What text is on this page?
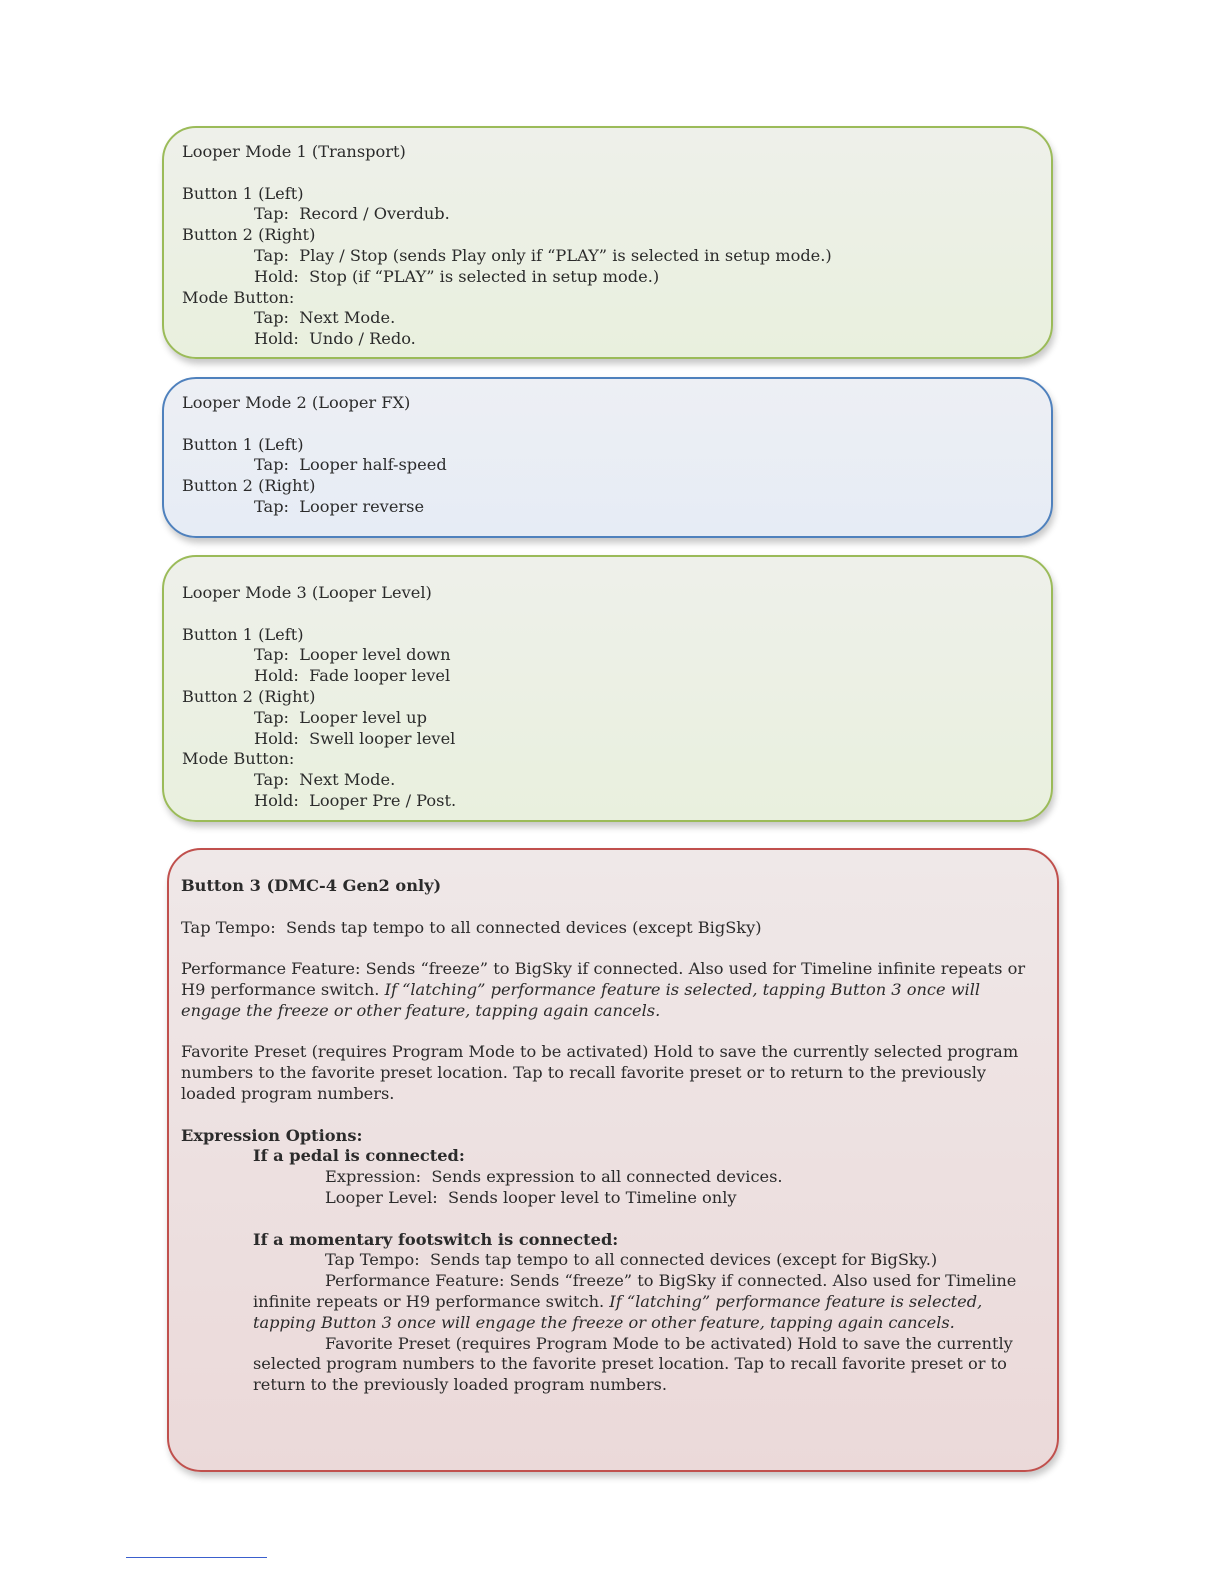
Looper Mode 1 (Transport)
Button 1 (Left)
Tap:  Record / Overdub.
Button 2 (Right)
Tap:  Play / Stop (sends Play only if “PLAY” is selected in setup mode.)
Hold:  Stop (if “PLAY” is selected in setup mode.)
Mode Button:
Tap:  Next Mode.
Hold:  Undo / Redo.
Looper Mode 2 (Looper FX)
Button 1 (Left)
Tap:  Looper half-speed
Button 2 (Right)
Tap:  Looper reverse
Looper Mode 3 (Looper Level)
Button 1 (Left)
Tap:  Looper level down
Hold:  Fade looper level
Button 2 (Right)
Tap:  Looper level up
Hold:  Swell looper level
Mode Button:
Tap:  Next Mode.
Hold:  Looper Pre / Post.
Button 3 (DMC-4 Gen2 only)
Tap Tempo:  Sends tap tempo to all connected devices (except BigSky)
Performance Feature: Sends “freeze” to BigSky if connected. Also used for Timeline infinite repeats or H9 performance switch. If “latching” performance feature is selected, tapping Button 3 once will engage the freeze or other feature, tapping again cancels.
Favorite Preset (requires Program Mode to be activated) Hold to save the currently selected program numbers to the favorite preset location. Tap to recall favorite preset or to return to the previously loaded program numbers.
Expression Options:
If a pedal is connected:
Expression:  Sends expression to all connected devices.
Looper Level:  Sends looper level to Timeline only
If a momentary footswitch is connected:
Tap Tempo:  Sends tap tempo to all connected devices (except for BigSky.)
Performance Feature: Sends “freeze” to BigSky if connected. Also used for Timeline infinite repeats or H9 performance switch. If “latching” performance feature is selected, tapping Button 3 once will engage the freeze or other feature, tapping again cancels.
Favorite Preset (requires Program Mode to be activated) Hold to save the currently selected program numbers to the favorite preset location. Tap to recall favorite preset or to return to the previously loaded program numbers.
